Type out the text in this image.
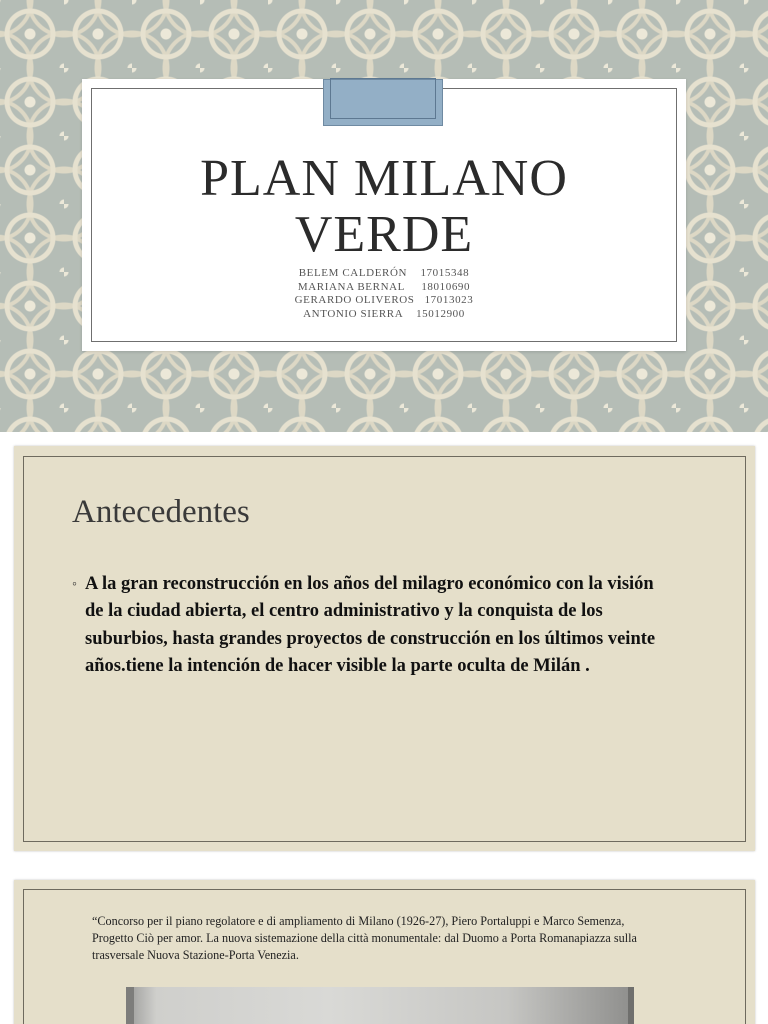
PLAN MILANO
VERDE
BELEM CALDERÓN    17015348
MARIANA BERNAL     18010690
GERARDO OLIVEROS   17013023
ANTONIO SIERRA    15012900
Antecedentes
◦ A la gran reconstrucción en los años del milagro económico con la visión de la ciudad abierta, el centro administrativo y la conquista de los suburbios, hasta grandes proyectos de construcción en los últimos veinte años.tiene la intención de hacer visible la parte oculta de Milán .
“Concorso per il piano regolatore e di ampliamento di Milano (1926-27), Piero Portaluppi e Marco Semenza, Progetto Ciò per amor. La nuova sistemazione della città monumentale: dal Duomo a Porta Romanapiazza sulla trasversale Nuova Stazione-Porta Venezia.
